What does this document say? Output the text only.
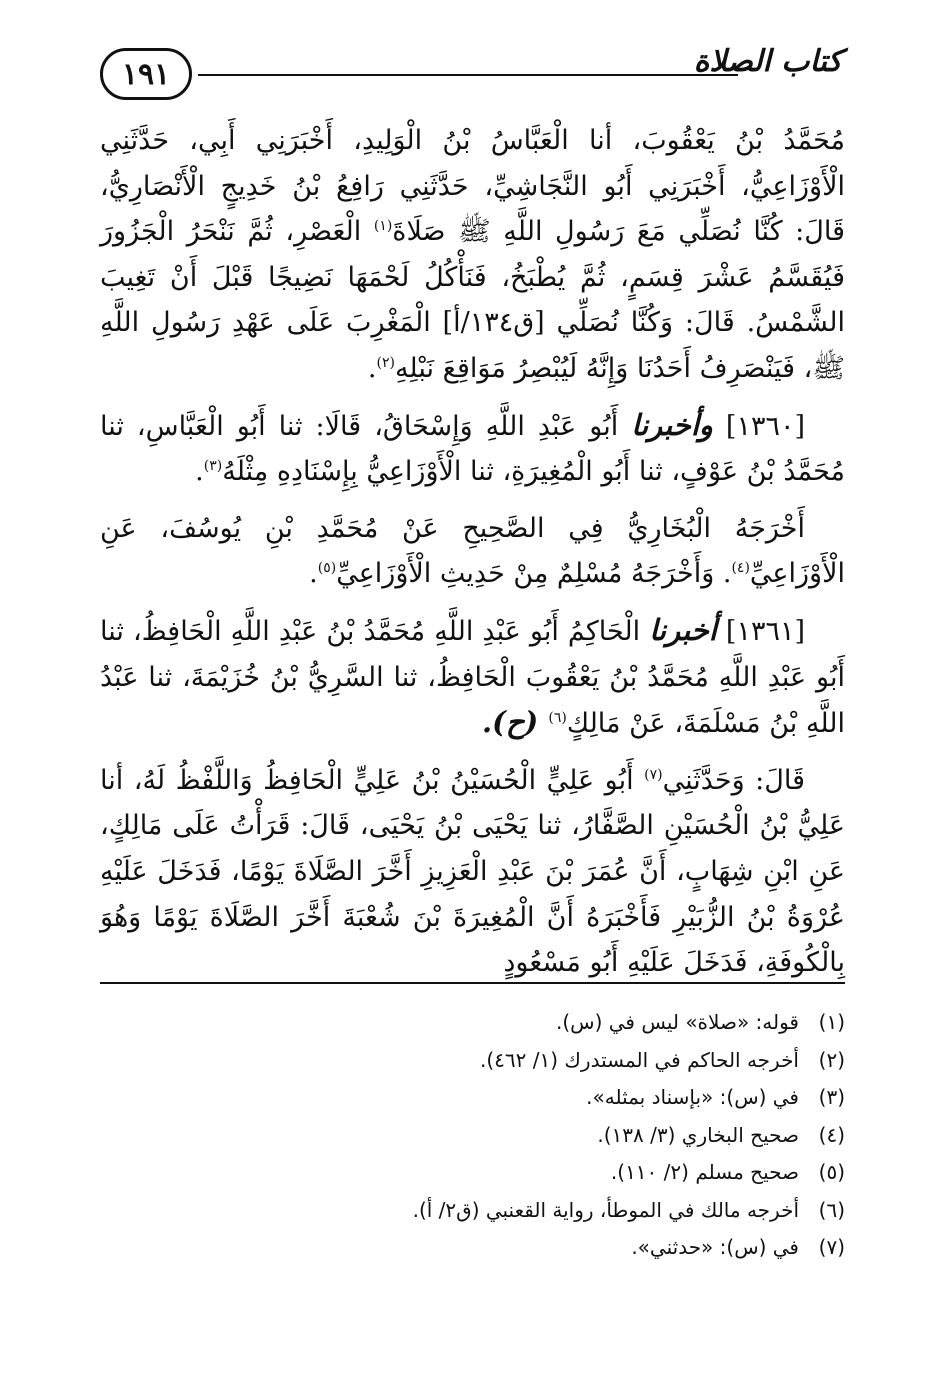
١٩١	كتاب الصلاة

مُحَمَّدُ بْنُ يَعْقُوبَ، أنا الْعَبَّاسُ بْنُ الْوَلِيدِ، أَخْبَرَنِي أَبِي، حَدَّثَنِي الْأَوْزَاعِيُّ، أَخْبَرَنِي أَبُو النَّجَاشِيِّ، حَدَّثَنِي رَافِعُ بْنُ خَدِيجٍ الْأَنْصَارِيُّ، قَالَ: كُنَّا نُصَلِّي مَعَ رَسُولِ اللَّهِ ﷺ صَلَاةَ$^{(١)}$ الْعَصْرِ، ثُمَّ نَنْحَرُ الْجَزُورَ فَيُقَسَّمُ عَشْرَ قِسَمٍ، ثُمَّ يُطْبَخُ، فَنَأْكُلُ لَحْمَهَا نَضِيجًا قَبْلَ أَنْ تَغِيبَ الشَّمْسُ. قَالَ: وَكُنَّا نُصَلِّي [ق١٣٤/أ] الْمَغْرِبَ عَلَى عَهْدِ رَسُولِ اللَّهِ ﷺ، فَيَنْصَرِفُ أَحَدُنَا وَإِنَّهُ لَيُبْصِرُ مَوَاقِعَ نَبْلِهِ$^{(٢)}$.

[١٣٦٠] وأخبرنا أَبُو عَبْدِ اللَّهِ وَإِسْحَاقُ، قَالَا: ثنا أَبُو الْعَبَّاسِ، ثنا مُحَمَّدُ بْنُ عَوْفٍ، ثنا أَبُو الْمُغِيرَةِ، ثنا الْأَوْزَاعِيُّ بِإِسْنَادِهِ مِثْلَهُ$^{(٣)}$.

أَخْرَجَهُ الْبُخَارِيُّ فِي الصَّحِيحِ عَنْ مُحَمَّدِ بْنِ يُوسُفَ، عَنِ الْأَوْزَاعِيِّ$^{(٤)}$. وَأَخْرَجَهُ مُسْلِمٌ مِنْ حَدِيثِ الْأَوْزَاعِيِّ$^{(٥)}$.

[١٣٦١] أخبرنا الْحَاكِمُ أَبُو عَبْدِ اللَّهِ مُحَمَّدُ بْنُ عَبْدِ اللَّهِ الْحَافِظُ، ثنا أَبُو عَبْدِ اللَّهِ مُحَمَّدُ بْنُ يَعْقُوبَ الْحَافِظُ، ثنا السَّرِيُّ بْنُ خُزَيْمَةَ، ثنا عَبْدُ اللَّهِ بْنُ مَسْلَمَةَ، عَنْ مَالِكٍ$^{(٦)}$ (ح).

قَالَ: وَحَدَّثَنِي$^{(٧)}$ أَبُو عَلِيٍّ الْحُسَيْنُ بْنُ عَلِيٍّ الْحَافِظُ وَاللَّفْظُ لَهُ، أنا عَلِيُّ بْنُ الْحُسَيْنِ الصَّفَّارُ، ثنا يَحْيَى بْنُ يَحْيَى، قَالَ: قَرَأْتُ عَلَى مَالِكٍ، عَنِ ابْنِ شِهَابٍ، أَنَّ عُمَرَ بْنَ عَبْدِ الْعَزِيزِ أَخَّرَ الصَّلَاةَ يَوْمًا، فَدَخَلَ عَلَيْهِ عُرْوَةُ بْنُ الزُّبَيْرِ فَأَخْبَرَهُ أَنَّ الْمُغِيرَةَ بْنَ شُعْبَةَ أَخَّرَ الصَّلَاةَ يَوْمًا وَهُوَ بِالْكُوفَةِ، فَدَخَلَ عَلَيْهِ أَبُو مَسْعُودٍ

(١)
قوله: «صلاة» ليس في (س).
(٢)
أخرجه الحاكم في المستدرك (١/ ٤٦٢).
(٣)
في (س): «بإسناد بمثله».
(٤)
صحيح البخاري (٣/ ١٣٨).
(٥)
صحيح مسلم (٢/ ١١٠).
(٦)
أخرجه مالك في الموطأ، رواية القعنبي (ق٢/ أ).
(٧)
في (س): «حدثني».
